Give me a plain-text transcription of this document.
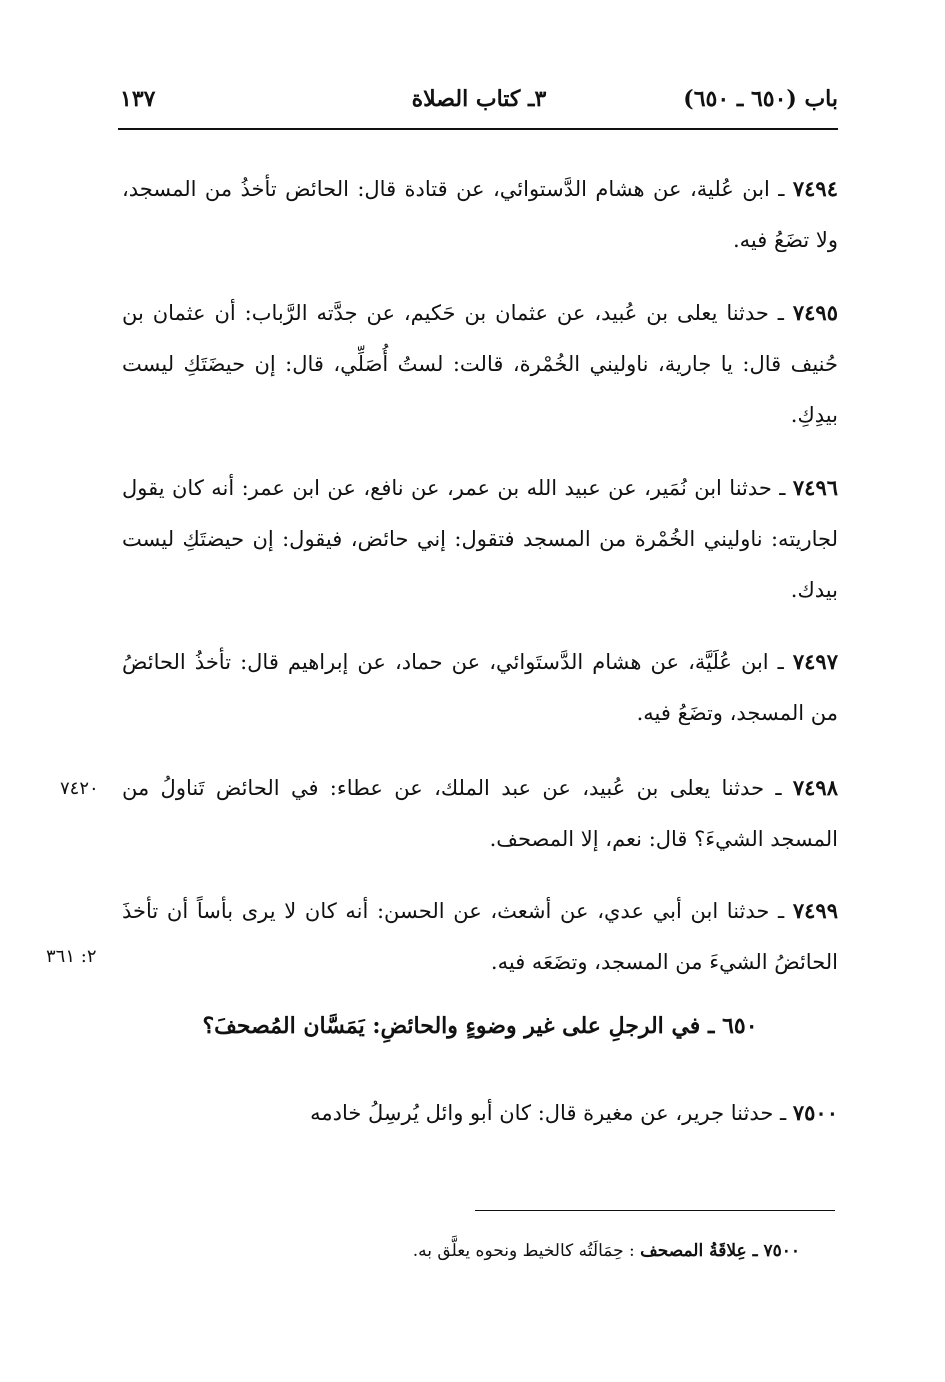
باب (٦٥٠ ـ ٦٥٠)
٣ـ كتاب الصلاة
١٣٧

٧٤٩٤ ـ ابن عُلية، عن هشام الدَّستوائي، عن قتادة قال: الحائض تأخذُ من المسجد، ولا تضَعُ فيه.

٧٤٩٥ ـ حدثنا يعلى بن عُبيد، عن عثمان بن حَكيم، عن جدَّته الرَّباب: أن عثمان بن حُنيف قال: يا جارية، ناوليني الخُمْرة، قالت: لستُ أُصَلِّي، قال: إن حيضَتَكِ ليست بيدِكِ.

٧٤٩٦ ـ حدثنا ابن نُمَير، عن عبيد الله بن عمر، عن نافع، عن ابن عمر: أنه كان يقول لجاريته: ناوليني الخُمْرة من المسجد فتقول: إني حائض، فيقول: إن حيضتَكِ ليست بيدك.

٧٤٩٧ ـ ابن عُلَيَّة، عن هشام الدَّستَوائي، عن حماد، عن إبراهيم قال: تأخذُ الحائضُ من المسجد، وتضَعُ فيه.

٧٤٩٨ ـ حدثنا يعلى بن عُبيد، عن عبد الملك، عن عطاء: في الحائض تَناولُ من المسجد الشيءَ؟ قال: نعم، إلا المصحف.

٧٤٢٠

٧٤٩٩ ـ حدثنا ابن أبي عدي، عن أشعث، عن الحسن: أنه كان لا يرى بأساً أن تأخذَ الحائضُ الشيءَ من المسجد، وتضَعَه فيه.

٢: ٣٦١
٦٥٠ ـ في الرجلِ على غير وضوءٍ والحائضِ: يَمَسَّان المُصحفَ؟

٧٥٠٠ ـ حدثنا جرير، عن مغيرة قال: كان أبو وائل يُرسِلُ خادمه

٧٥٠٠ ـ عِلاقَةُ المصحف : حِمَالَتُه كالخيط ونحوه يعلَّق به.
